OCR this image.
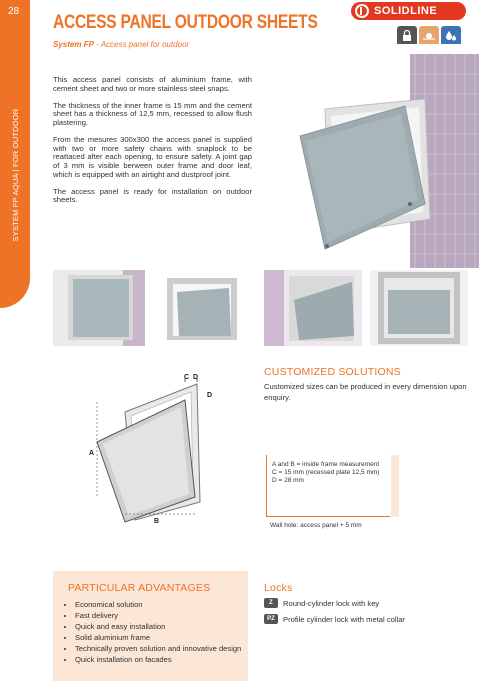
28
SYSTEM FP AQUA | FOR OUTDOOR
ACCESS PANEL OUTDOOR SHEETS
System FP - Access panel for outdoor
SOLIDLINE

This access panel consists of aluminium frame, with cement sheet and two or more stainless steel snaps.

The thickness of the inner frame is 15 mm and the cement sheet has a thickness of 12,5 mm, recessed to allow flush plastering.

From the mesures 300x300 the access panel is supplied with two or more safety chains with snaplock to be reattaced after each opening, to ensure safety. A joint gap of 3 mm is visible berween outer frame and door leaf, which is equipped with an airtight and dustproof joint.

The access panel is ready for installation on outdoor sheets.

C D
D
A
B
CUSTOMIZED SOLUTIONS
Customized sizes can be produced in every dimension upon enquiry.
A and B = inside frame measurement
C = 15 mm (recessed plate 12,5 mm)
D = 28 mm
Wall hole: access panel + 5 mm
PARTICULAR ADVANTAGES
• Economical solution
• Fast delivery
• Quick and easy installation
• Solid aluminium frame
• Technically proven solution and innovative design
• Quick installation on facades
Locks
Z	Round-cylinder lock with key
PZ	Profile cylinder lock with metal collar
